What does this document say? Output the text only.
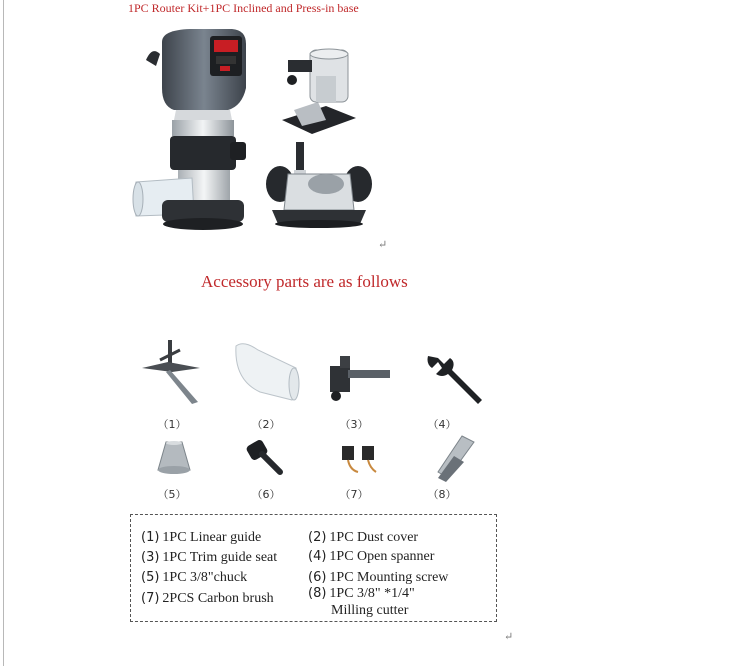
1PC Router Kit+1PC Inclined and Press-in base
↵
Accessory parts are as follows
（1）	（2）	（3）	（4）
（5）	（6）	（7）	（8）
(1) 1PC Linear guide	(2) 1PC Dust cover
(3) 1PC Trim guide seat (4) 1PC Open spanner
(5) 1PC 3/8"chuck	(6) 1PC Mounting screw
(7) 2PCS Carbon brush	(8) 1PC 3/8" *1/4"
Milling cutter
↵
